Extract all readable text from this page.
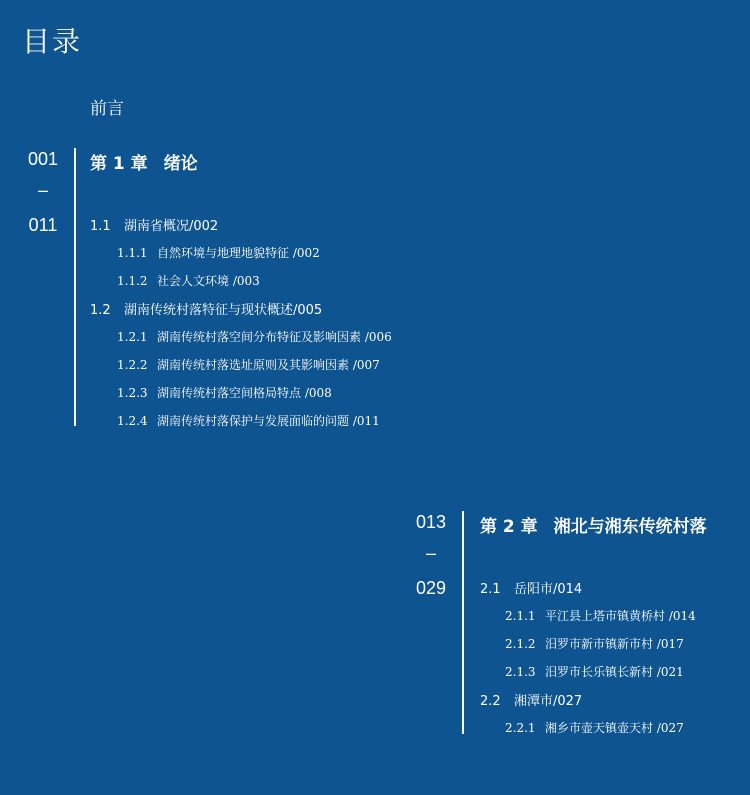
目录
前言
001
–
011
第 1 章 绪论
1.1 湖南省概况/002
1.1.1 自然环境与地理地貌特征 /002
1.1.2 社会人文环境 /003
1.2 湖南传统村落特征与现状概述/005
1.2.1 湖南传统村落空间分布特征及影响因素 /006
1.2.2 湖南传统村落选址原则及其影响因素 /007
1.2.3 湖南传统村落空间格局特点 /008
1.2.4 湖南传统村落保护与发展面临的问题 /011
013
–
029
第 2 章 湘北与湘东传统村落
2.1 岳阳市/014
2.1.1 平江县上塔市镇黄桥村 /014
2.1.2 汨罗市新市镇新市村 /017
2.1.3 汨罗市长乐镇长新村 /021
2.2 湘潭市/027
2.2.1 湘乡市壶天镇壶天村 /027
